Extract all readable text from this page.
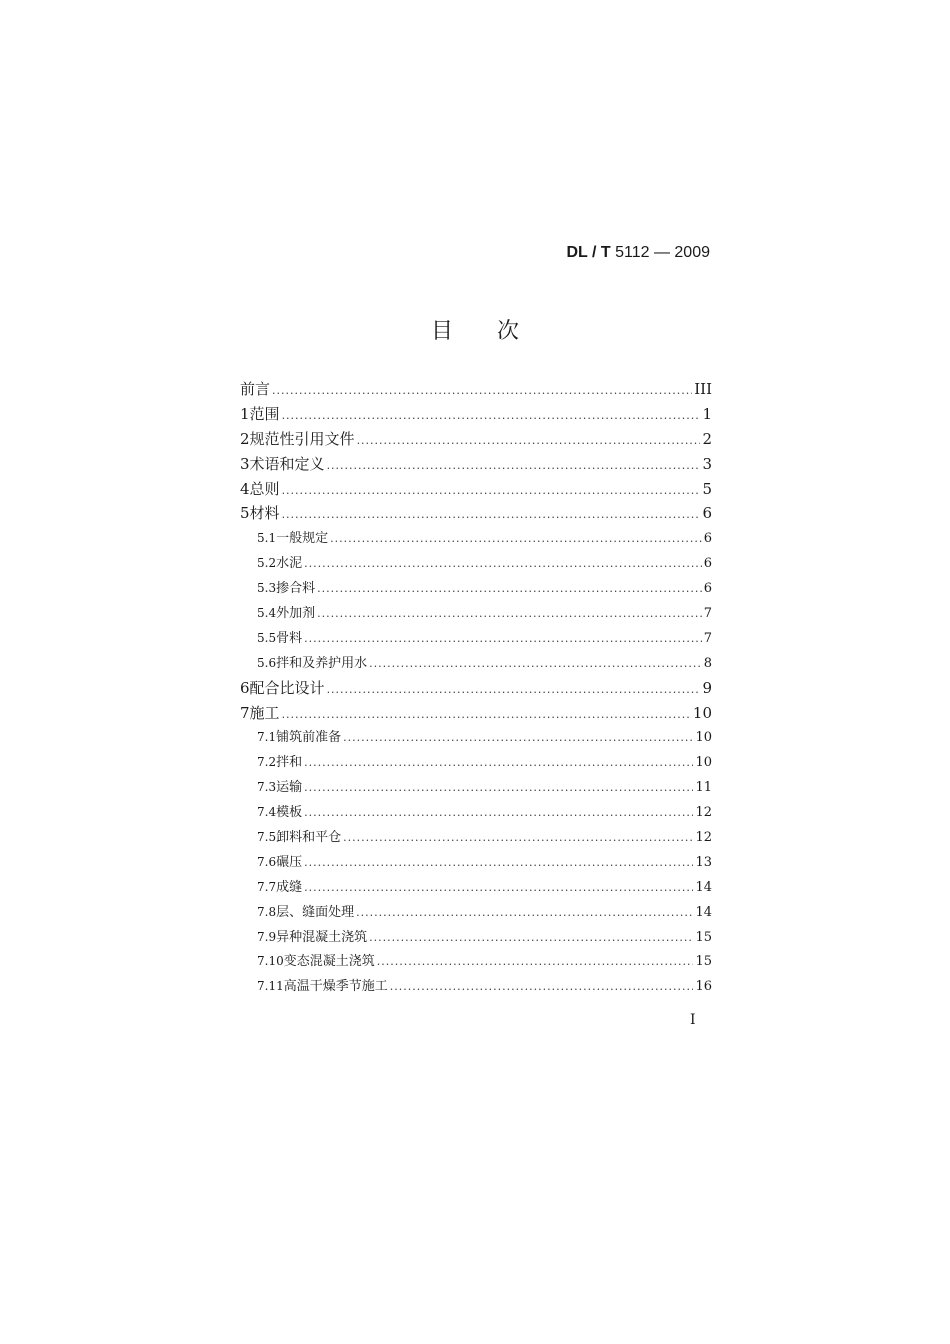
DL / T 5112 — 2009
目次
前言 .....	III
1 范围 .....	1
2 规范性引用文件 .....	2
3 术语和定义 .....	3
4 总则 .....	5
5 材料 .....	6
5.1 一般规定 .....	6
5.2 水泥 .....	6
5.3 掺合料 .....	6
5.4 外加剂 .....	7
5.5 骨料 .....	7
5.6 拌和及养护用水 .....	8
6 配合比设计 .....	9
7 施工 .....	10
7.1 铺筑前准备 .....	10
7.2 拌和 .....	10
7.3 运输 .....	11
7.4 模板 .....	12
7.5 卸料和平仓 .....	12
7.6 碾压 .....	13
7.7 成缝 .....	14
7.8 层、缝面处理 .....	14
7.9 异种混凝土浇筑 .....	15
7.10 变态混凝土浇筑 .....	15
7.11 高温干燥季节施工 .....	16
I
